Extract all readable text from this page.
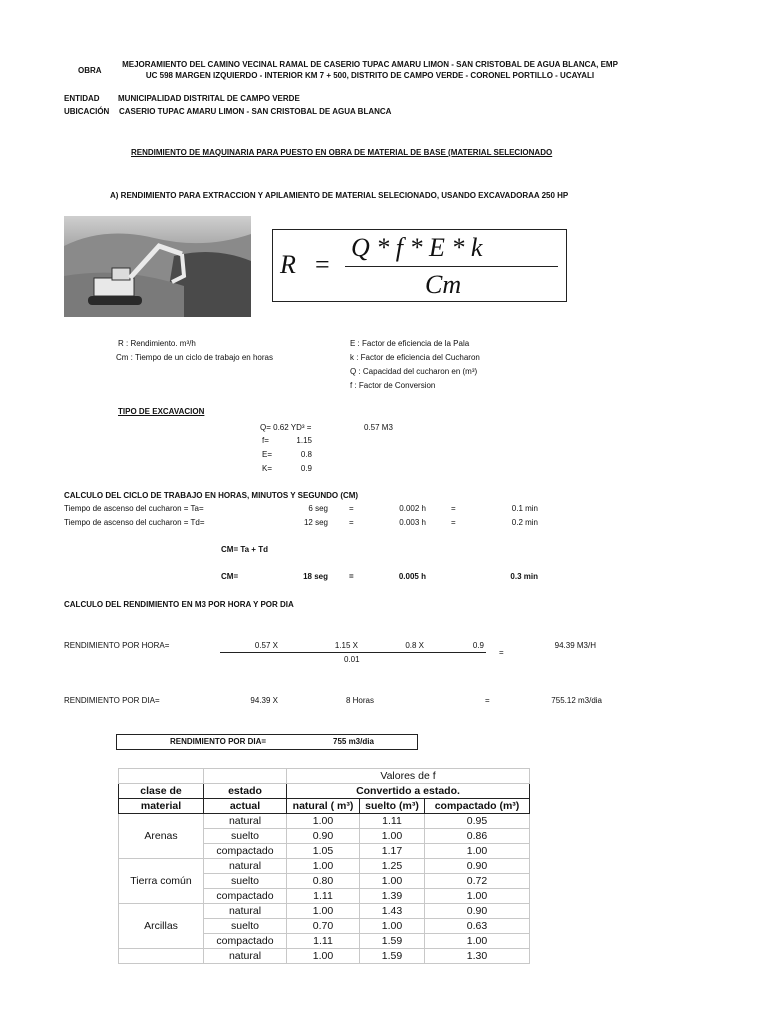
OBRA
MEJORAMIENTO DEL CAMINO VECINAL RAMAL DE CASERIO TUPAC AMARU LIMON - SAN CRISTOBAL DE AGUA BLANCA, EMP
UC 598 MARGEN IZQUIERDO - INTERIOR KM 7 + 500, DISTRITO DE CAMPO VERDE - CORONEL PORTILLO - UCAYALI
ENTIDAD MUNICIPALIDAD DISTRITAL DE CAMPO VERDE
UBICACIÓN CASERIO TUPAC AMARU LIMON - SAN CRISTOBAL DE AGUA BLANCA
RENDIMIENTO DE MAQUINARIA PARA PUESTO EN OBRA DE MATERIAL DE BASE (MATERIAL SELECIONADO
A) RENDIMIENTO PARA EXTRACCION Y APILAMIENTO DE MATERIAL SELECIONADO, USANDO EXCAVADORAA 250 HP
R =
Q * f * E * k
Cm
R : Rendimiento. m³/h
Cm : Tiempo de un ciclo de trabajo en horas
E : Factor de eficiencia de la Pala
k : Factor de eficiencia del Cucharon
Q : Capacidad del cucharon en (m³)
f : Factor de Conversion
TIPO DE EXCAVACION
Q= 0.62 YD³ =	0.57 M3
f=	1.15
E=	0.8
K=	0.9
CALCULO DEL CICLO DE TRABAJO EN HORAS, MINUTOS Y SEGUNDO (CM)
Tiempo de ascenso del cucharon = Ta=	6 seg	=	0.002 h	=	0.1 min
Tiempo de ascenso del cucharon = Td=	12 seg	=	0.003 h	=	0.2 min
CM= Ta + Td
CM=	18 seg	=	0.005 h	0.3 min
CALCULO DEL RENDIMIENTO EN M3 POR HORA Y POR DIA
RENDIMIENTO POR HORA=	0.57 X	1.15 X	0.8 X	0.9
0.01
=
94.39 M3/H
RENDIMIENTO POR DIA=	94.39 X	8 Horas	=	755.12 m3/dia
RENDIMIENTO POR DIA=	755 m3/dia
		Valores de f		
clase de	estado	Convertido a estado.		
material	actual	natural ( m³)	suelto (m³)	compactado (m³)
	natural	1.00	1.11	0.95
Arenas	suelto	0.90	1.00	0.86
	compactado	1.05	1.17	1.00
	natural	1.00	1.25	0.90
Tierra común	suelto	0.80	1.00	0.72
	compactado	1.11	1.39	1.00
	natural	1.00	1.43	0.90
Arcillas	suelto	0.70	1.00	0.63
	compactado	1.11	1.59	1.00
	natural	1.00	1.59	1.30
